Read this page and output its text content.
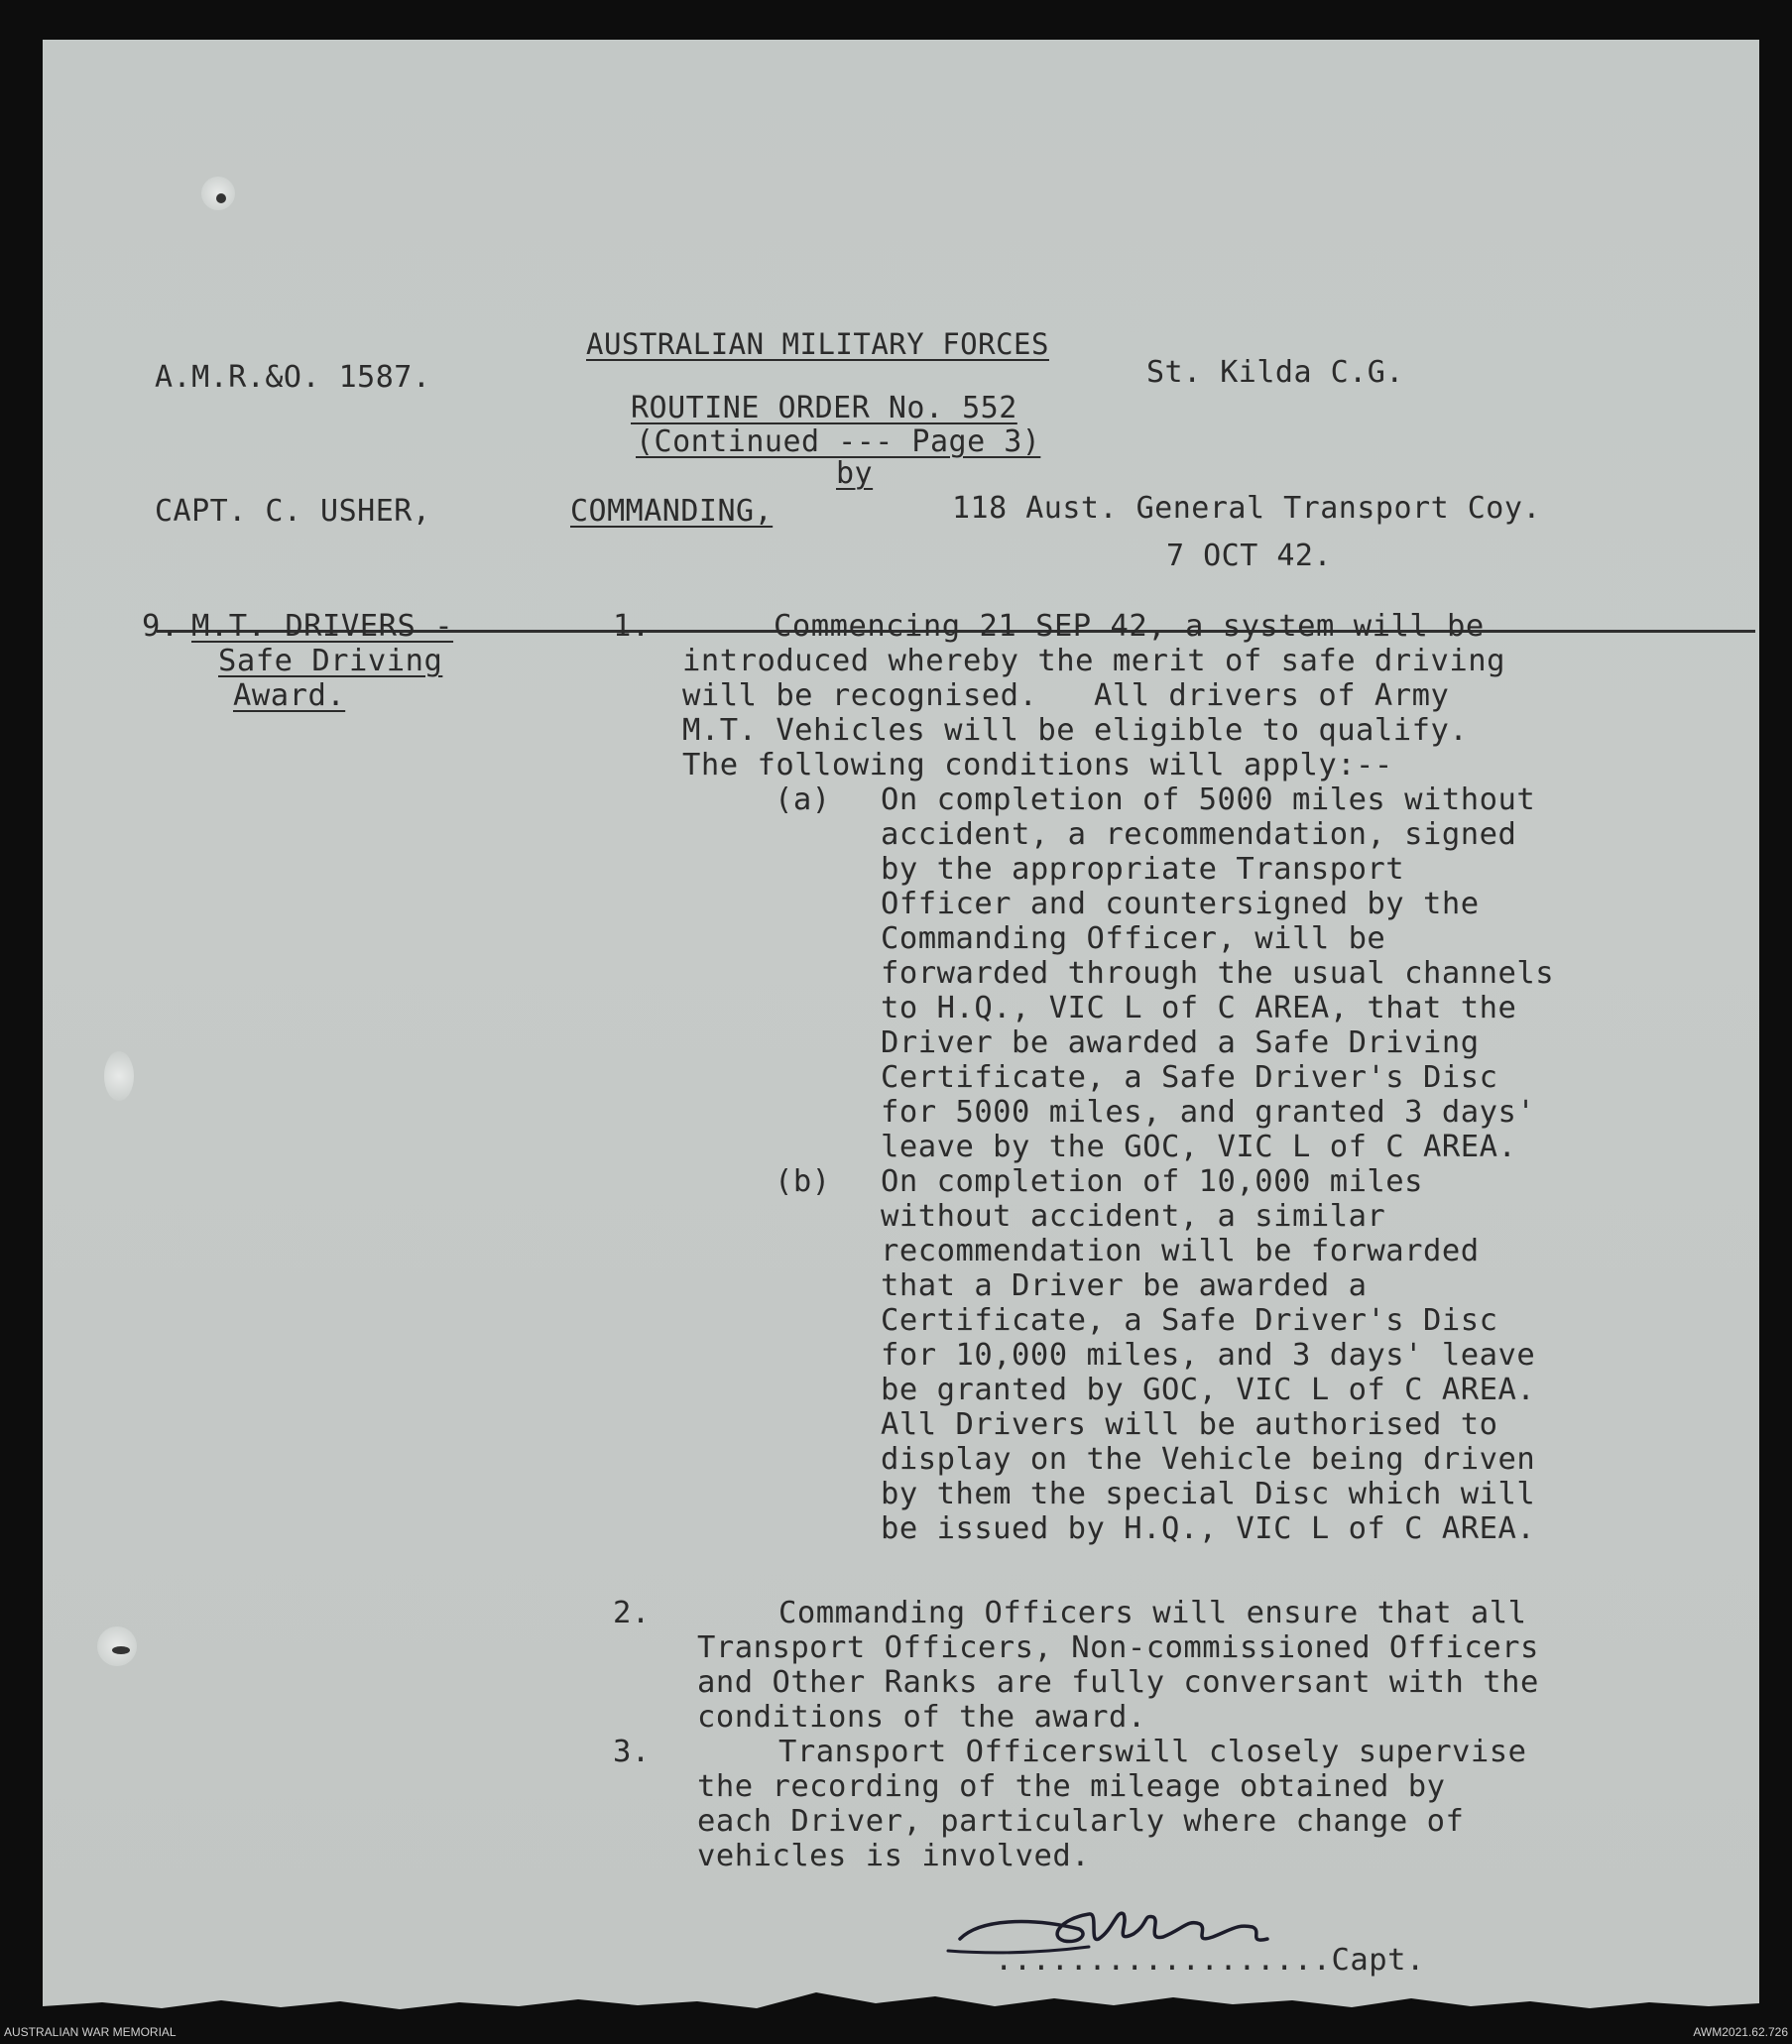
AUSTRALIAN MILITARY FORCES
A.M.R.&O. 1587.	St. Kilda C.G.
ROUTINE ORDER No. 552
(Continued --- Page 3)
by
CAPT. C. USHER,	COMMANDING,	118 Aust. General Transport Coy.
7 OCT 42.
9. M.T. DRIVERS -
Safe Driving
Award.
1.	Commencing 21 SEP 42, a system will be
introduced whereby the merit of safe driving
will be recognised.   All drivers of Army
M.T. Vehicles will be eligible to qualify.
The following conditions will apply:--
(a) On completion of 5000 miles without
accident, a recommendation, signed
by the appropriate Transport
Officer and countersigned by the
Commanding Officer, will be
forwarded through the usual channels
to H.Q., VIC L of C AREA, that the
Driver be awarded a Safe Driving
Certificate, a Safe Driver's Disc
for 5000 miles, and granted 3 days'
leave by the GOC, VIC L of C AREA.
(b) On completion of 10,000 miles
without accident, a similar
recommendation will be forwarded
that a Driver be awarded a
Certificate, a Safe Driver's Disc
for 10,000 miles, and 3 days' leave
be granted by GOC, VIC L of C AREA.
All Drivers will be authorised to
display on the Vehicle being driven
by them the special Disc which will
be issued by H.Q., VIC L of C AREA.
2.	Commanding Officers will ensure that all
Transport Officers, Non-commissioned Officers
and Other Ranks are fully conversant with the
conditions of the award.
3.	Transport Officerswill closely supervise
the recording of the mileage obtained by
each Driver, particularly where change of
vehicles is involved.
..................Capt.
AUSTRALIAN WAR MEMORIAL	AWM2021.62.726
